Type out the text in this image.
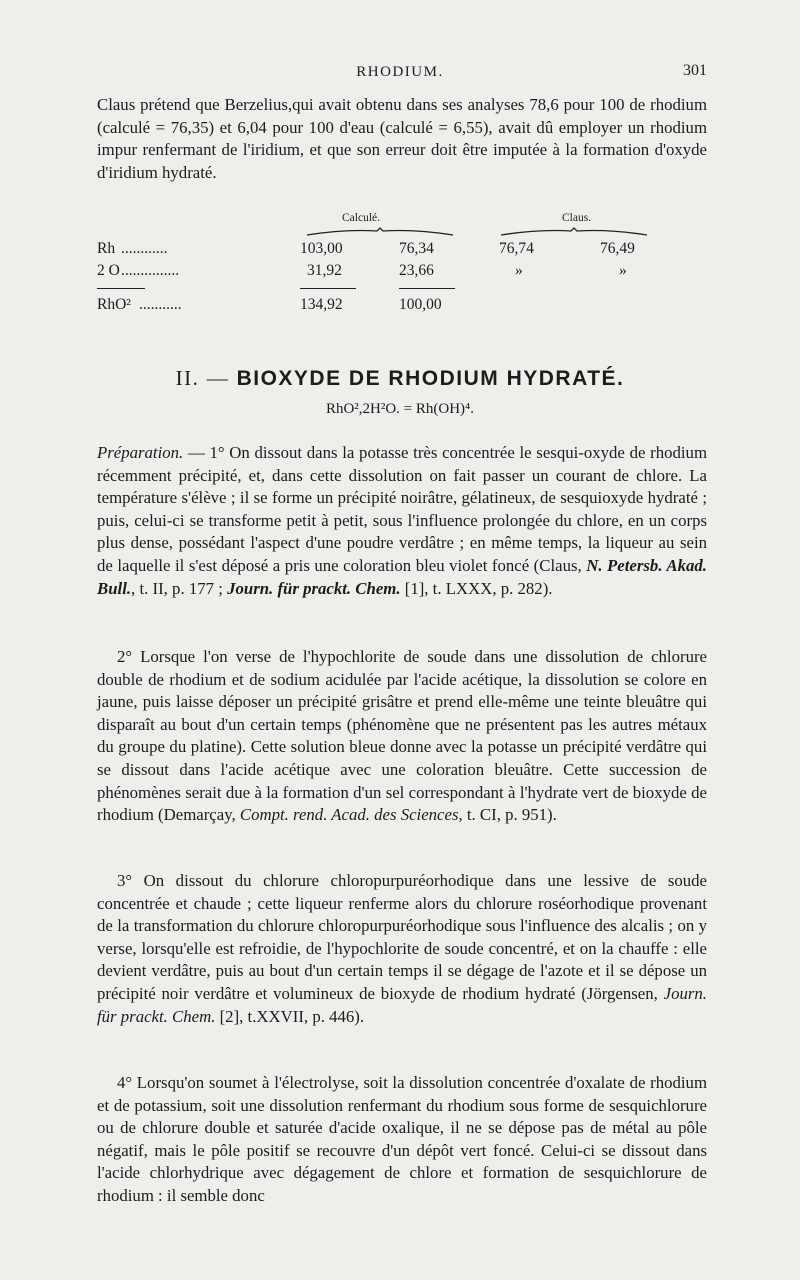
RHODIUM.	301

Claus prétend que Berzelius,qui avait obtenu dans ses analyses 78,6 pour 100 de rhodium (calculé = 76,35) et 6,04 pour 100 d'eau (calculé = 6,55), avait dû employer un rhodium impur renfermant de l'iridium, et que son erreur doit être imputée à la formation d'oxyde d'iridium hydraté.

Calculé.	Claus.
Rh ............	103,00	76,34	76,74	76,49
2 O ...............	31,92	23,66	»	»
RhO² ...........	134,92	100,00
II. — BIOXYDE DE RHODIUM HYDRATÉ.
RhO²,2H²O. = Rh(OH)⁴.

Préparation. — 1° On dissout dans la potasse très concentrée le sesqui-oxyde de rhodium récemment précipité, et, dans cette dissolution on fait passer un courant de chlore. La température s'élève ; il se forme un précipité noirâtre, gélatineux, de sesquioxyde hydraté ; puis, celui-ci se transforme petit à petit, sous l'influence prolongée du chlore, en un corps plus dense, possédant l'aspect d'une poudre verdâtre ; en même temps, la liqueur au sein de laquelle il s'est déposé a pris une coloration bleu violet foncé (Claus, N. Petersb. Akad. Bull., t. II, p. 177 ; Journ. für prackt. Chem. [1], t. LXXX, p. 282).

2° Lorsque l'on verse de l'hypochlorite de soude dans une dissolution de chlorure double de rhodium et de sodium acidulée par l'acide acétique, la dissolution se colore en jaune, puis laisse déposer un précipité grisâtre et prend elle-même une teinte bleuâtre qui disparaît au bout d'un certain temps (phénomène que ne présentent pas les autres métaux du groupe du platine). Cette solution bleue donne avec la potasse un précipité verdâtre qui se dissout dans l'acide acétique avec une coloration bleuâtre. Cette succession de phénomènes serait due à la formation d'un sel correspondant à l'hydrate vert de bioxyde de rhodium (Demarçay, Compt. rend. Acad. des Sciences, t. CI, p. 951).

3° On dissout du chlorure chloropurpuréorhodique dans une lessive de soude concentrée et chaude ; cette liqueur renferme alors du chlorure roséorhodique provenant de la transformation du chlorure chloropurpuréorhodique sous l'influence des alcalis ; on y verse, lorsqu'elle est refroidie, de l'hypochlorite de soude concentré, et on la chauffe : elle devient verdâtre, puis au bout d'un certain temps il se dégage de l'azote et il se dépose un précipité noir verdâtre et volumineux de bioxyde de rhodium hydraté (Jörgensen, Journ. für prackt. Chem. [2], t.XXVII, p. 446).

4° Lorsqu'on soumet à l'électrolyse, soit la dissolution concentrée d'oxalate de rhodium et de potassium, soit une dissolution renfermant du rhodium sous forme de sesquichlorure ou de chlorure double et saturée d'acide oxalique, il ne se dépose pas de métal au pôle négatif, mais le pôle positif se recouvre d'un dépôt vert foncé. Celui-ci se dissout dans l'acide chlorhydrique avec dégagement de chlore et formation de sesquichlorure de rhodium : il semble donc
